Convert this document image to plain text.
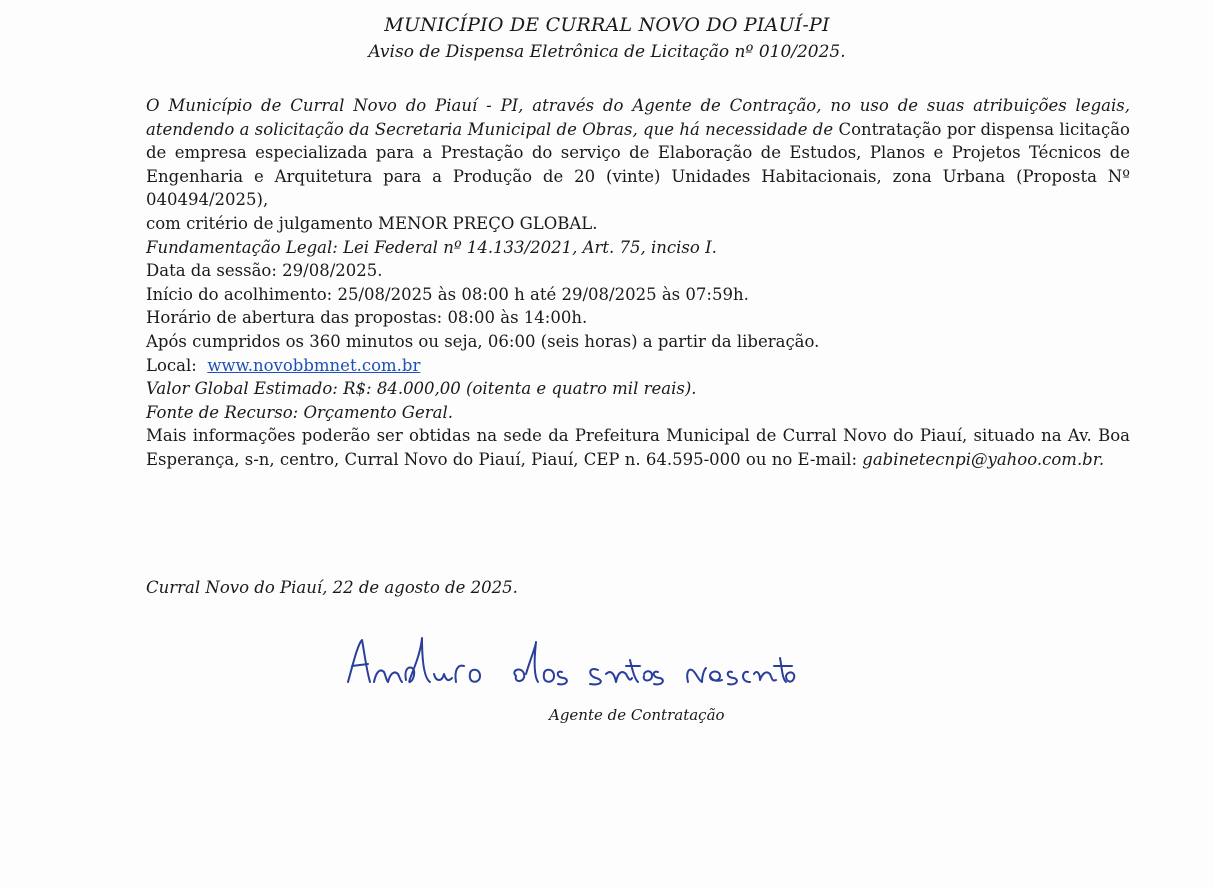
MUNICÍPIO DE CURRAL NOVO DO PIAUÍ-PI
Aviso de Dispensa Eletrônica de Licitação nº 010/2025.

O Município de Curral Novo do Piauí - PI, através do Agente de Contração, no uso de suas atribuições legais, atendendo a solicitação da Secretaria Municipal de Obras, que há necessidade de Contratação por dispensa licitação de empresa especializada para a Prestação do serviço de Elaboração de Estudos, Planos e Projetos Técnicos de Engenharia e Arquitetura para a Produção de 20 (vinte) Unidades Habitacionais, zona Urbana (Proposta Nº 040494/2025),

com critério de julgamento MENOR PREÇO GLOBAL.

Fundamentação Legal: Lei Federal nº 14.133/2021, Art. 75, inciso I.

Data da sessão: 29/08/2025.

Início do acolhimento: 25/08/2025 às 08:00 h até 29/08/2025 às 07:59h.

Horário de abertura das propostas: 08:00 às 14:00h.

Após cumpridos os 360 minutos ou seja, 06:00 (seis horas) a partir da liberação.

Local: www.novobbmnet.com.br

Valor Global Estimado: R$: 84.000,00 (oitenta e quatro mil reais).

Fonte de Recurso: Orçamento Geral.

Mais informações poderão ser obtidas na sede da Prefeitura Municipal de Curral Novo do Piauí, situado na Av. Boa Esperança, s-n, centro, Curral Novo do Piauí, Piauí, CEP n. 64.595-000 ou no E-mail: gabinetecnpi@yahoo.com.br.

Curral Novo do Piauí, 22 de agosto de 2025.
Agente de Contratação
